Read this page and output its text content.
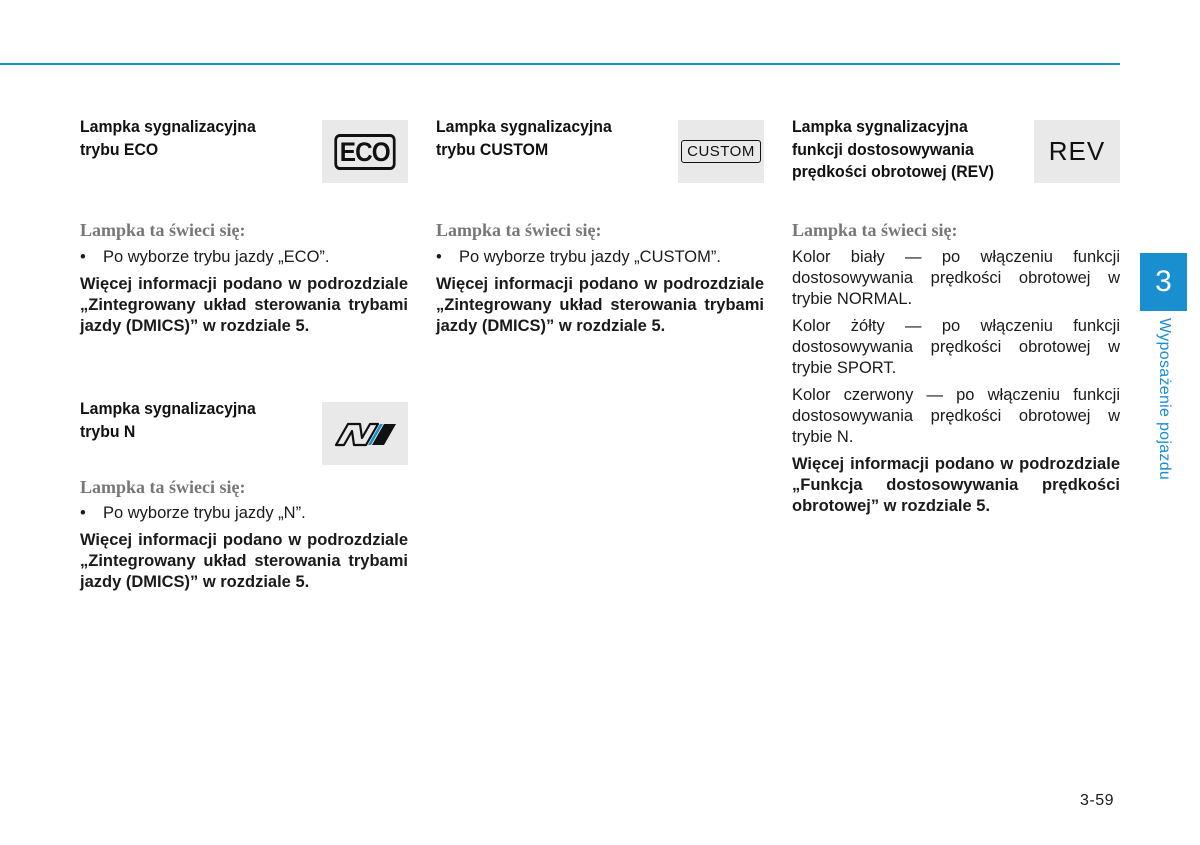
Lampka sygnalizacyjna
trybu ECO	ECO
Lampka ta świeci się:
•	Po wyborze trybu jazdy „ECO”.
Więcej informacji podano w podrozdziale „Zintegrowany układ sterowania trybami jazdy (DMICS)” w rozdziale 5.
Lampka sygnalizacyjna
trybu N
Lampka ta świeci się:
•	Po wyborze trybu jazdy „N”.
Więcej informacji podano w podrozdziale „Zintegrowany układ sterowania trybami jazdy (DMICS)” w rozdziale 5.
Lampka sygnalizacyjna
trybu CUSTOM	CUSTOM
Lampka ta świeci się:
•	Po wyborze trybu jazdy „CUSTOM”.
Więcej informacji podano w podrozdziale „Zintegrowany układ sterowania trybami jazdy (DMICS)” w rozdziale 5.
Lampka sygnalizacyjna
funkcji dostosowywania
prędkości obrotowej (REV)
REV
Lampka ta świeci się:
Kolor biały — po włączeniu funkcji dostosowywania prędkości obrotowej w trybie NORMAL.
Kolor żółty — po włączeniu funkcji dostosowywania prędkości obrotowej w trybie SPORT.
Kolor czerwony — po włączeniu funkcji dostosowywania prędkości obrotowej w trybie N.
Więcej informacji podano w podrozdziale „Funkcja dostosowywania prędkości obrotowej” w rozdziale 5.
3
Wyposażenie pojazdu
3-59
